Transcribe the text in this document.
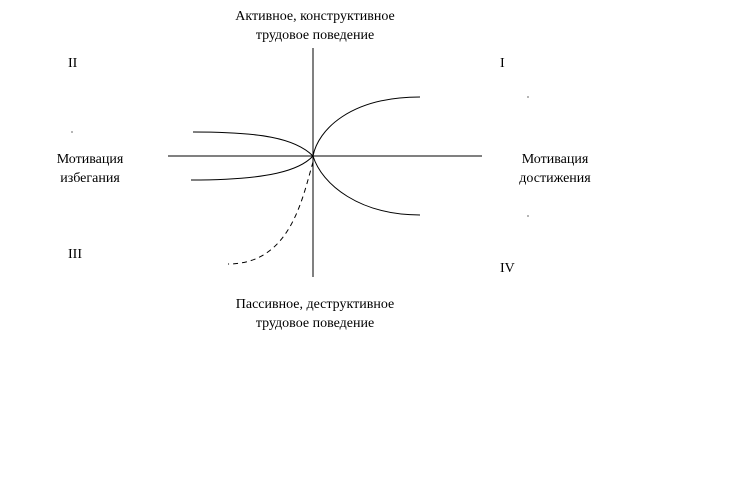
Активное, конструктивное
трудовое поведение
Пассивное, деструктивное
трудовое поведение
Мотивация
избегания
Мотивация
достижения
I
II
III
IV
